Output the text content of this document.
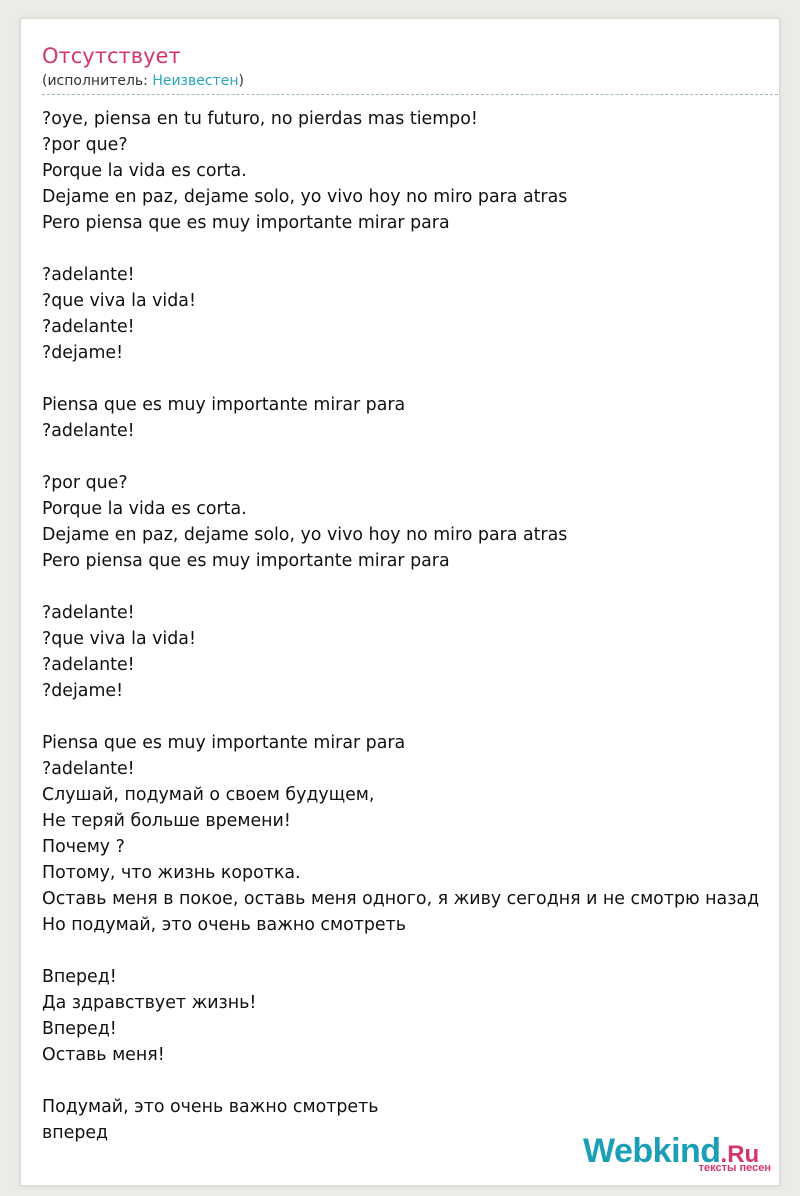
Отсутствует
(исполнитель: Неизвестен)
?oye, piensa en tu futuro, no pierdas mas tiempo!
?por que?
Porque la vida es corta.
Dejame en paz, dejame solo, yo vivo hoy no miro para atras
Pero piensa que es muy importante mirar para
?adelante!
?que viva la vida!
?adelante!
?dejame!
Piensa que es muy importante mirar para
?adelante!
?por que?
Porque la vida es corta.
Dejame en paz, dejame solo, yo vivo hoy no miro para atras
Pero piensa que es muy importante mirar para
?adelante!
?que viva la vida!
?adelante!
?dejame!
Piensa que es muy importante mirar para
?adelante!
Слушай, подумай о своем будущем,
Не теряй больше времени!
Почему ?
Потому, что жизнь коротка.
Оставь меня в покое, оставь меня одного, я живу сегодня и не смотрю назад
Но подумай, это очень важно смотреть
Вперед!
Да здравствует жизнь!
Вперед!
Оставь меня!
Подумай, это очень важно смотреть
вперед	Webkind.Ru
тексты песен
